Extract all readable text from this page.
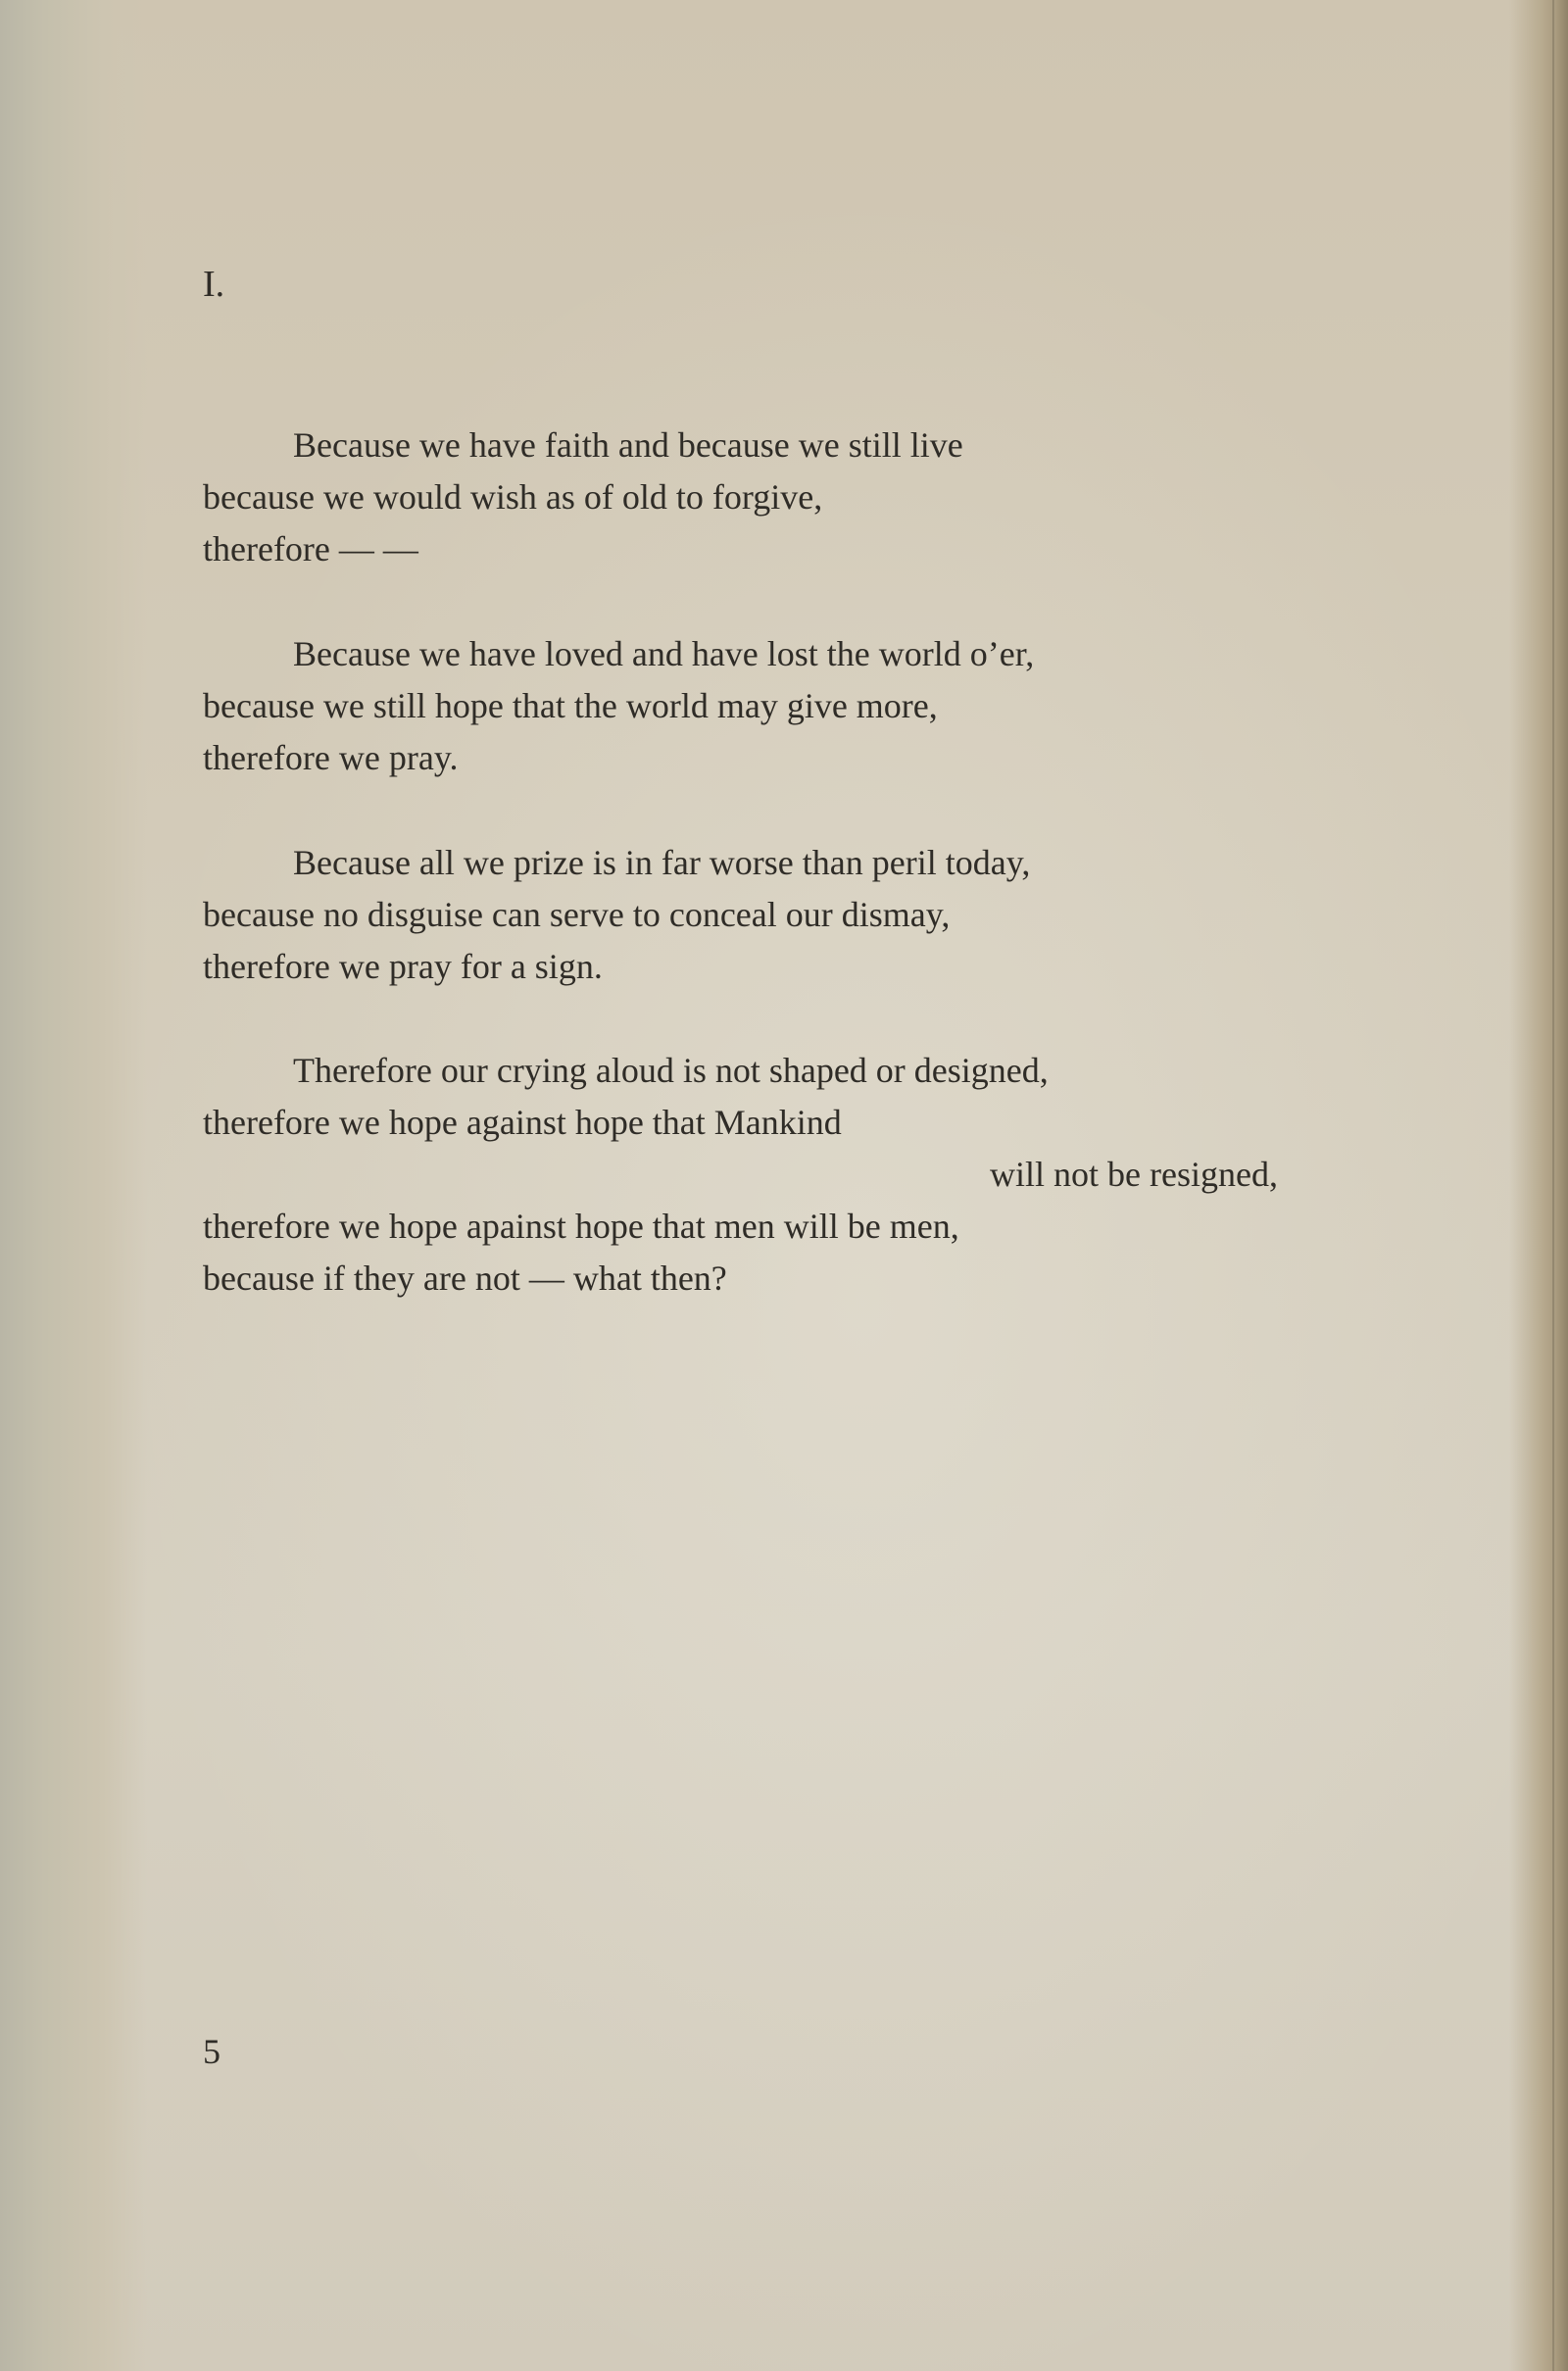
I.
Because we have faith and because we still live
because we would wish as of old to forgive,
therefore — —
Because we have loved and have lost the world o’er,
because we still hope that the world may give more,
therefore we pray.
Because all we prize is in far worse than peril today,
because no disguise can serve to conceal our dismay,
therefore we pray for a sign.
Therefore our crying aloud is not shaped or designed,
therefore we hope against hope that Mankind
will not be resigned,
therefore we hope apainst hope that men will be men,
because if they are not — what then?
5
